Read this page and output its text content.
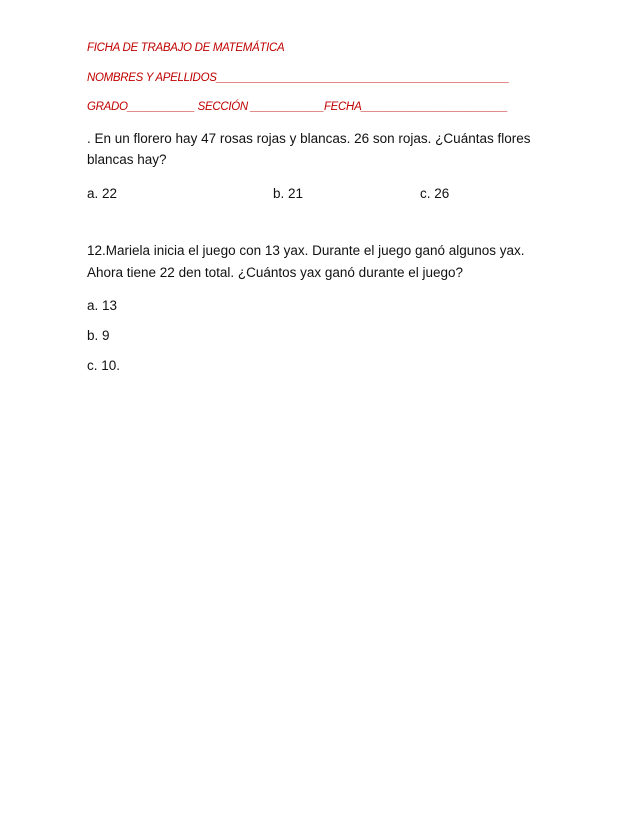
FICHA DE TRABAJO DE MATEMÁTICA
NOMBRES Y APELLIDOS________________________________________________
GRADO___________ SECCIÓN ____________FECHA________________________
. En un florero hay 47 rosas rojas y blancas. 26 son rojas. ¿Cuántas flores
blancas hay?
a. 22	b. 21	c. 26
12.Mariela inicia el juego con 13 yax. Durante el juego ganó algunos yax.
Ahora tiene 22 den total. ¿Cuántos yax ganó durante el juego?
a. 13
b. 9
c. 10.
